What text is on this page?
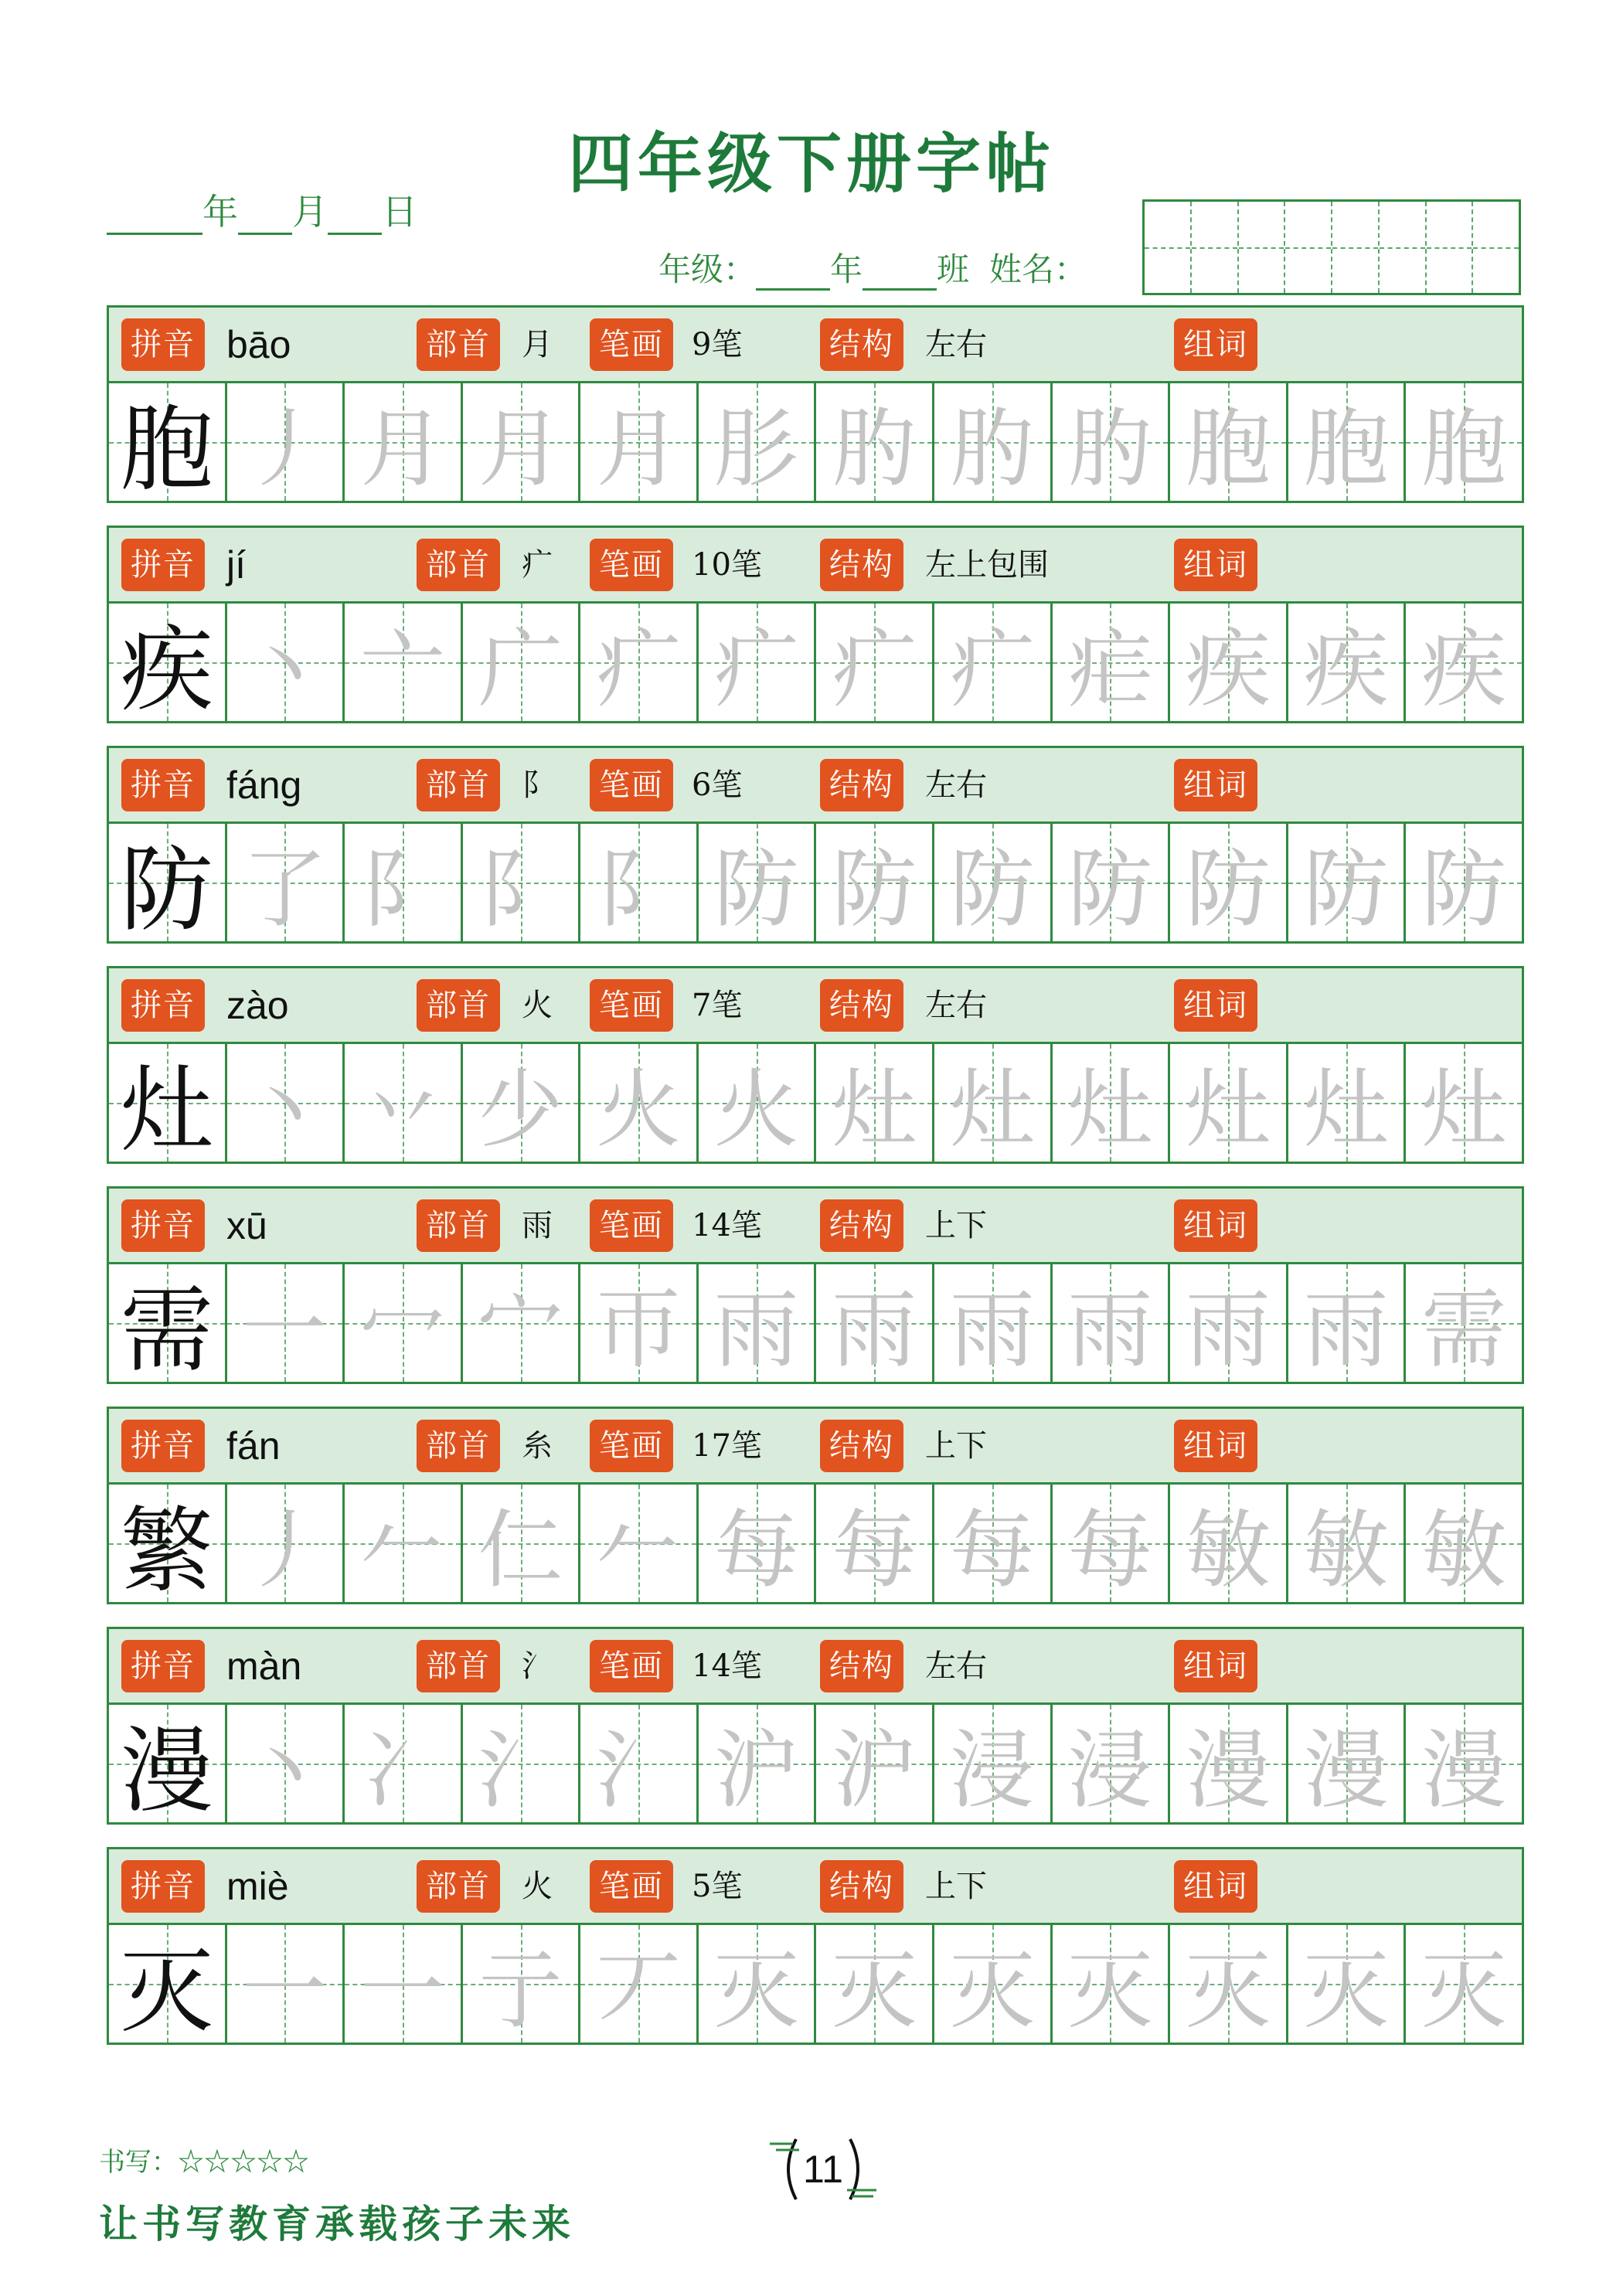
四年级下册字帖
年 月 日
年级： 年 班 姓名：
拼音 bāo	部首	月	笔画 9笔	结构	左右	组词
胞 丿 月 月 月 肜 肑 肑 肑 胞 胞 胞
拼音 jí	部首	疒	笔画 10笔	结构	左上包围	组词
疾 丶 亠 广 疒 疒 疒 疒 疟 疾 疾 疾
拼音 fáng	部首	阝	笔画 6笔	结构	左右	组词
防 了 阝 阝 阝 防 防 防 防 防 防 防
拼音 zào	部首	火	笔画 7笔	结构	左右	组词
灶 丶 丷 少 火 火 灶 灶 灶 灶 灶 灶
拼音 xū	部首	雨	笔画 14笔	结构	上下	组词
需 一 冖 宀 帀 雨 雨 雨 雨 雨 雨 需
拼音 fán	部首	糸	笔画 17笔	结构	上下	组词
繁 丿 𠂉 仁 𠂉 每 每 每 每 敏 敏 敏
拼音 màn	部首	氵	笔画 14笔	结构	左右	组词
漫 丶 冫 氵 氵 沪 沪 浸 浸 漫 漫 漫
拼音 miè	部首	火	笔画 5笔	结构	上下	组词
灭 一 一 亍 丆 灭 灭 灭 灭 灭 灭 灭
书写：☆☆☆☆☆	11
让书写教育承载孩子未来
